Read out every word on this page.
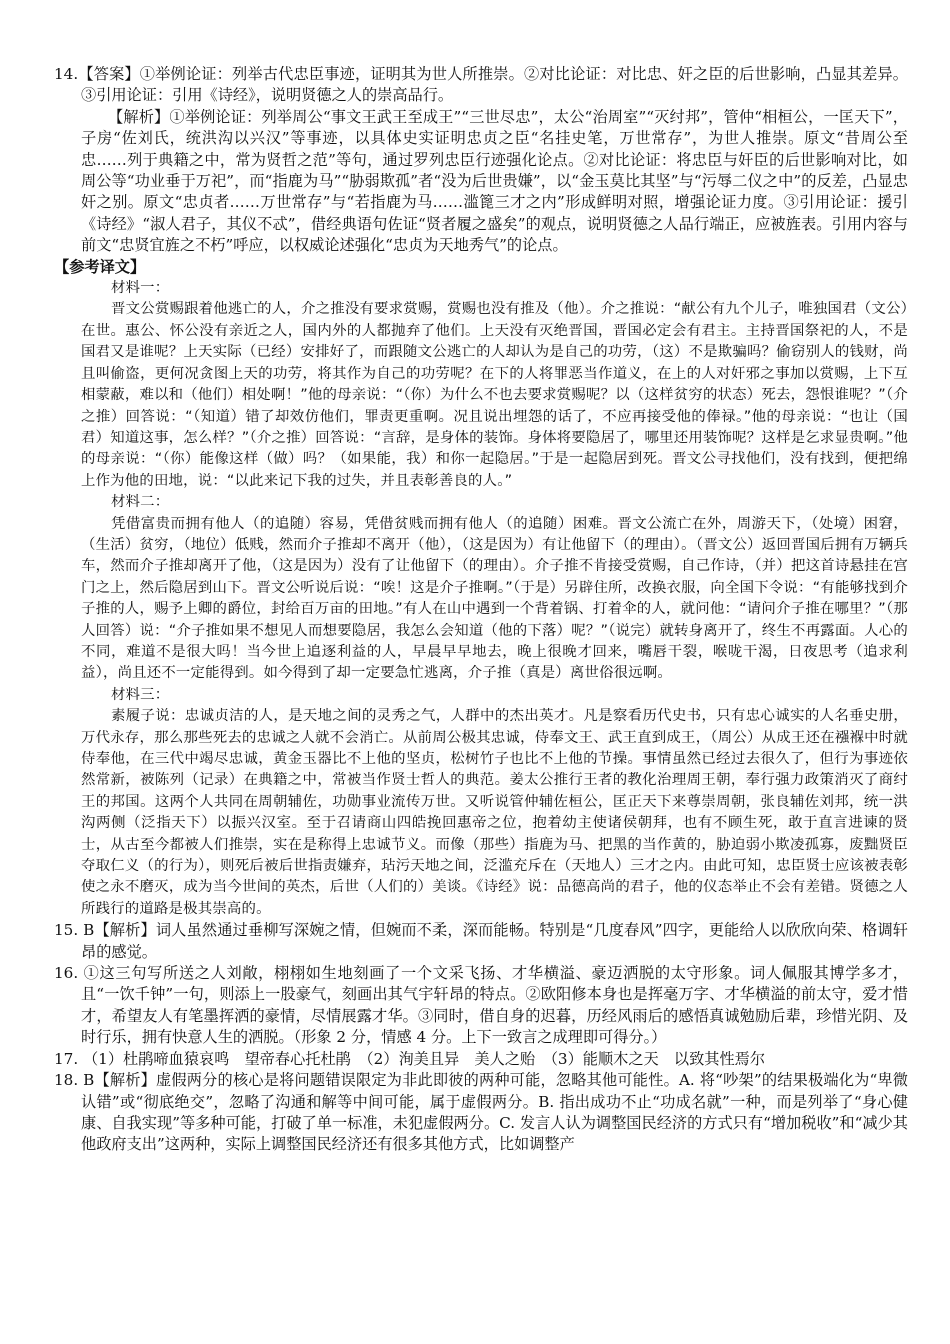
14.【答案】①举例论证：列举古代忠臣事迹，证明其为世人所推崇。②对比论证：对比忠、奸之臣的后世影响，凸显其差异。③引用论证：引用《诗经》，说明贤德之人的崇高品行。

【解析】①举例论证：列举周公“事文王武王至成王”“三世尽忠”，太公“治周室”“灭纣邦”，管仲“相桓公，一匡天下”，子房“佐刘氏，统洪沟以兴汉”等事迹，以具体史实证明忠贞之臣“名挂史笔，万世常存”，为世人推崇。原文“昔周公至忠……列于典籍之中，常为贤哲之范”等句，通过罗列忠臣行迹强化论点。②对比论证：将忠臣与奸臣的后世影响对比，如周公等“功业垂于万祀”，而“指鹿为马”“胁弱欺孤”者“没为后世贵嫌”，以“金玉莫比其坚”与“污辱二仪之中”的反差，凸显忠奸之别。原文“忠贞者……万世常存”与“若指鹿为马……滥篦三才之内”形成鲜明对照，增强论证力度。③引用论证：援引《诗经》“淑人君子，其仪不忒”，借经典语句佐证“贤者履之盛矣”的观点，说明贤德之人品行端正，应被旌表。引用内容与前文“忠贤宜旌之不朽”呼应，以权威论述强化“忠贞为天地秀气”的论点。

【参考译文】

材料一：

晋文公赏赐跟着他逃亡的人，介之推没有要求赏赐，赏赐也没有推及（他）。介之推说：“献公有九个儿子，唯独国君（文公）在世。惠公、怀公没有亲近之人，国内外的人都抛弃了他们。上天没有灭绝晋国，晋国必定会有君主。主持晋国祭祀的人，不是国君又是谁呢？上天实际（已经）安排好了，而跟随文公逃亡的人却认为是自己的功劳，（这）不是欺骗吗？偷窃别人的钱财，尚且叫偷盗，更何况贪图上天的功劳，将其作为自己的功劳呢？在下的人将罪恶当作道义，在上的人对奸邪之事加以赏赐，上下互相蒙蔽，难以和（他们）相处啊！”他的母亲说：“（你）为什么不也去要求赏赐呢？以（这样贫穷的状态）死去，怨恨谁呢？”（介之推）回答说：“（知道）错了却效仿他们，罪责更重啊。况且说出埋怨的话了，不应再接受他的俸禄。”他的母亲说：“也让（国君）知道这事，怎么样？”（介之推）回答说：“言辞，是身体的装饰。身体将要隐居了，哪里还用装饰呢？这样是乞求显贵啊。”他的母亲说：“（你）能像这样（做）吗？（如果能，我）和你一起隐居。”于是一起隐居到死。晋文公寻找他们，没有找到，便把绵上作为他的田地，说：“以此来记下我的过失，并且表彰善良的人。”

材料二：

凭借富贵而拥有他人（的追随）容易，凭借贫贱而拥有他人（的追随）困难。晋文公流亡在外，周游天下，（处境）困窘，（生活）贫穷，（地位）低贱，然而介子推却不离开（他），（这是因为）有让他留下（的理由）。（晋文公）返回晋国后拥有万辆兵车，然而介子推却离开了他，（这是因为）没有了让他留下（的理由）。介子推不肯接受赏赐，自己作诗，（并）把这首诗悬挂在宫门之上，然后隐居到山下。晋文公听说后说：“唉！这是介子推啊。”（于是）另辟住所，改换衣服，向全国下令说：“有能够找到介子推的人，赐予上卿的爵位，封给百万亩的田地。”有人在山中遇到一个背着锅、打着伞的人，就问他：“请问介子推在哪里？”（那人回答）说：“介子推如果不想见人而想要隐居，我怎么会知道（他的下落）呢？”（说完）就转身离开了，终生不再露面。人心的不同，难道不是很大吗！当今世上追逐利益的人，早晨早早地去，晚上很晚才回来，嘴唇干裂，喉咙干渴，日夜思考（追求利益），尚且还不一定能得到。如今得到了却一定要急忙逃离，介子推（真是）离世俗很远啊。

材料三：

素履子说：忠诚贞洁的人，是天地之间的灵秀之气，人群中的杰出英才。凡是察看历代史书，只有忠心诚实的人名垂史册，万代永存，那么那些死去的忠诚之人就不会消亡。从前周公极其忠诚，侍奉文王、武王直到成王，（周公）从成王还在襁褓中时就侍奉他，在三代中竭尽忠诚，黄金玉器比不上他的坚贞，松树竹子也比不上他的节操。事情虽然已经过去很久了，但行为事迹依然常新，被陈列（记录）在典籍之中，常被当作贤士哲人的典范。姜太公推行王者的教化治理周王朝，奉行强力政策消灭了商纣王的邦国。这两个人共同在周朝辅佐，功勋事业流传万世。又听说管仲辅佐桓公，匡正天下来尊崇周朝，张良辅佐刘邦，统一洪沟两侧（泛指天下）以振兴汉室。至于召请商山四皓挽回惠帝之位，抱着幼主使诸侯朝拜，也有不顾生死，敢于直言进谏的贤士，从古至今都被人们推崇，实在是称得上忠诚节义。而像（那些）指鹿为马、把黑的当作黄的，胁迫弱小欺凌孤寡，废黜贤臣夺取仁义（的行为），则死后被后世指责嫌弃，玷污天地之间，泛滥充斥在（天地人）三才之内。由此可知，忠臣贤士应该被表彰使之永不磨灭，成为当今世间的英杰，后世（人们的）美谈。《诗经》说：品德高尚的君子，他的仪态举止不会有差错。贤德之人所践行的道路是极其崇高的。

15. B【解析】词人虽然通过垂柳写深婉之情，但婉而不柔，深而能畅。特别是“几度春风”四字，更能给人以欣欣向荣、格调轩昂的感觉。

16. ①这三句写所送之人刘敞，栩栩如生地刻画了一个文采飞扬、才华横溢、豪迈洒脱的太守形象。词人佩服其博学多才，且“一饮千钟”一句，则添上一股豪气，刻画出其气宇轩昂的特点。②欧阳修本身也是挥毫万字、才华横溢的前太守，爱才惜才，希望友人有笔墨挥洒的豪情，尽情展露才华。③同时，借自身的迟暮，历经风雨后的感悟真诚勉励后辈，珍惜光阴、及时行乐，拥有快意人生的洒脱。（形象 2 分，情感 4 分。上下一致言之成理即可得分。）

17. （1）杜鹃啼血猿哀鸣　望帝春心托杜鹃　（2）洵美且异　美人之贻　（3）能顺木之天　以致其性焉尔

18. B【解析】虚假两分的核心是将问题错误限定为非此即彼的两种可能，忽略其他可能性。A. 将“吵架”的结果极端化为“卑微认错”或“彻底绝交”，忽略了沟通和解等中间可能，属于虚假两分。B. 指出成功不止“功成名就”一种，而是列举了“身心健康、自我实现”等多种可能，打破了单一标准，未犯虚假两分。C. 发言人认为调整国民经济的方式只有“增加税收”和“减少其他政府支出”这两种，实际上调整国民经济还有很多其他方式，比如调整产
